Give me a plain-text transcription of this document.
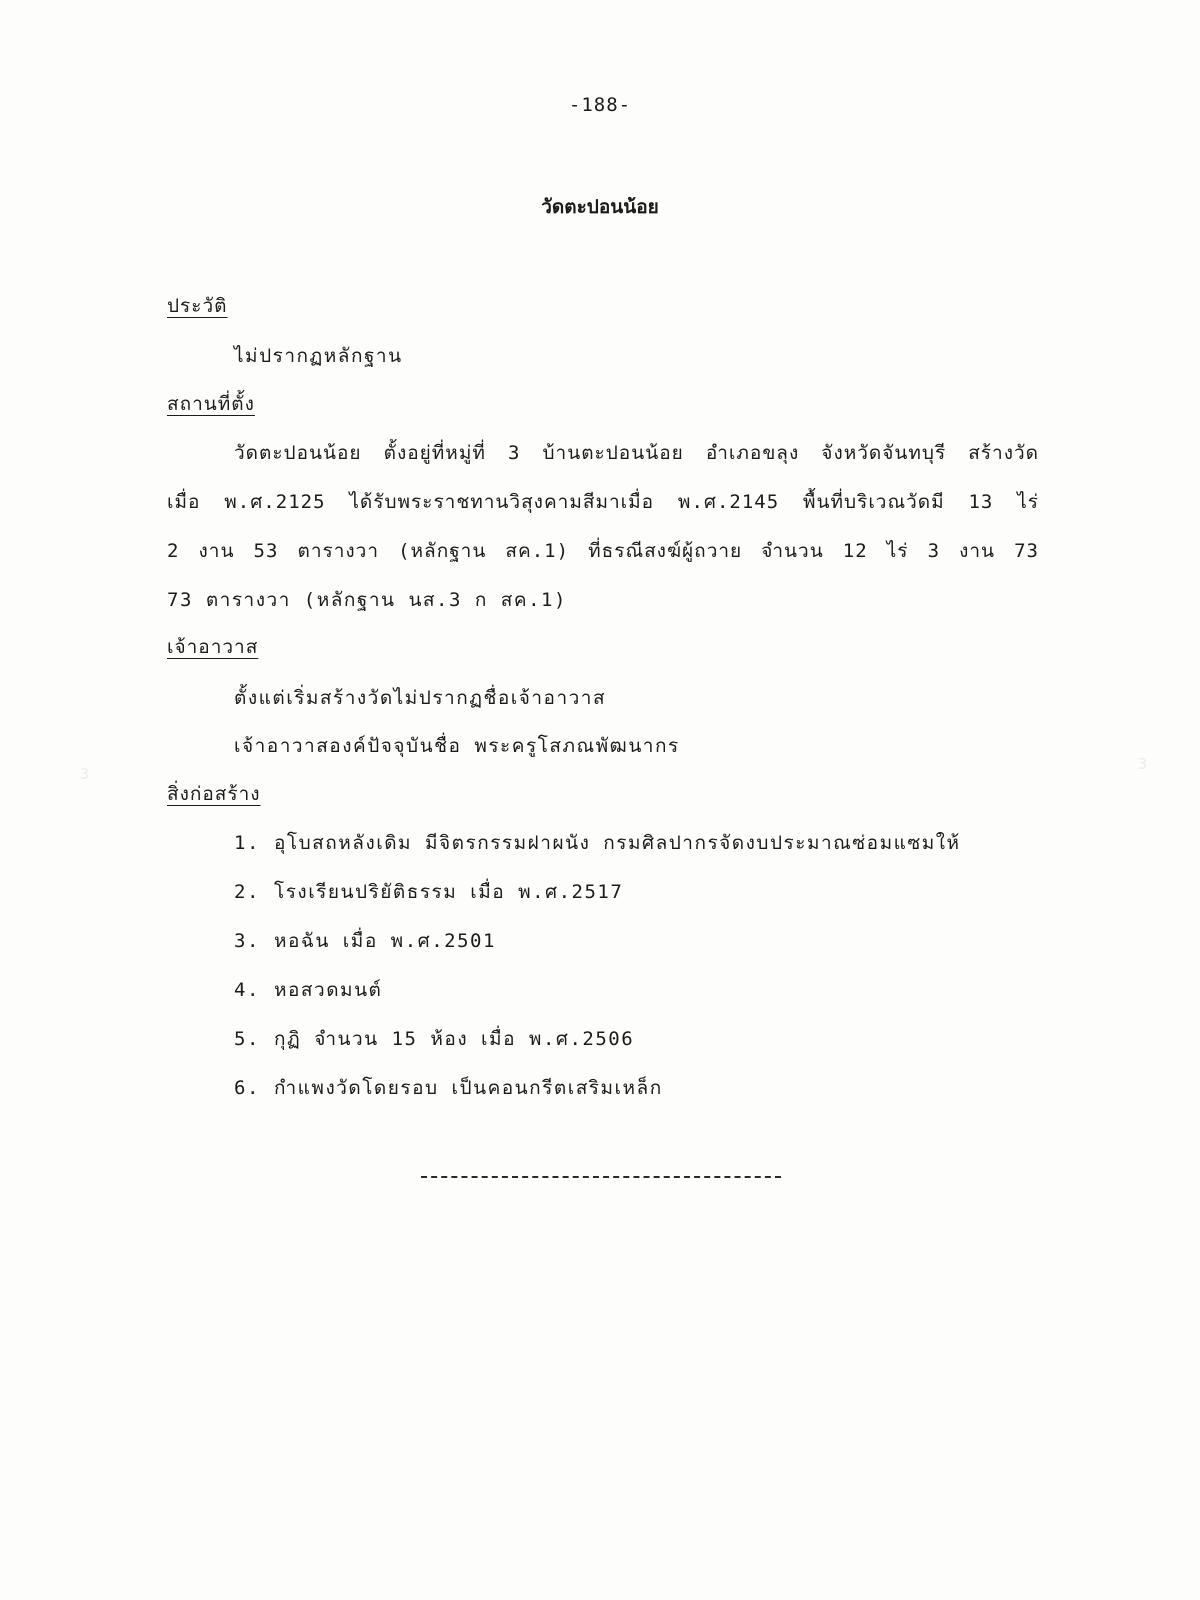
-188-
วัดตะปอนน้อย
ประวัติ
ไม่ปรากฏหลักฐาน
สถานที่ตั้ง
วัดตะปอนน้อย ตั้งอยู่ที่หมู่ที่ 3 บ้านตะปอนน้อย อำเภอขลุง จังหวัดจันทบุรี สร้างวัด
เมื่อ พ.ศ.2125 ได้รับพระราชทานวิสุงคามสีมาเมื่อ พ.ศ.2145 พื้นที่บริเวณวัดมี 13 ไร่
2 งาน 53 ตารางวา (หลักฐาน สค.1) ที่ธรณีสงฆ์ผู้ถวาย จำนวน 12 ไร่ 3 งาน 73
73 ตารางวา (หลักฐาน นส.3 ก สค.1)
เจ้าอาวาส
ตั้งแต่เริ่มสร้างวัดไม่ปรากฏชื่อเจ้าอาวาส
เจ้าอาวาสองค์ปัจจุบันชื่อ พระครูโสภณพัฒนากร
สิ่งก่อสร้าง
1. อุโบสถหลังเดิม มีจิตรกรรมฝาผนัง กรมศิลปากรจัดงบประมาณซ่อมแซมให้
2. โรงเรียนปริยัติธรรม เมื่อ พ.ศ.2517
3. หอฉัน เมื่อ พ.ศ.2501
4. หอสวดมนต์
5. กุฏิ จำนวน 15 ห้อง เมื่อ พ.ศ.2506
6. กำแพงวัดโดยรอบ เป็นคอนกรีตเสริมเหล็ก
3
3
